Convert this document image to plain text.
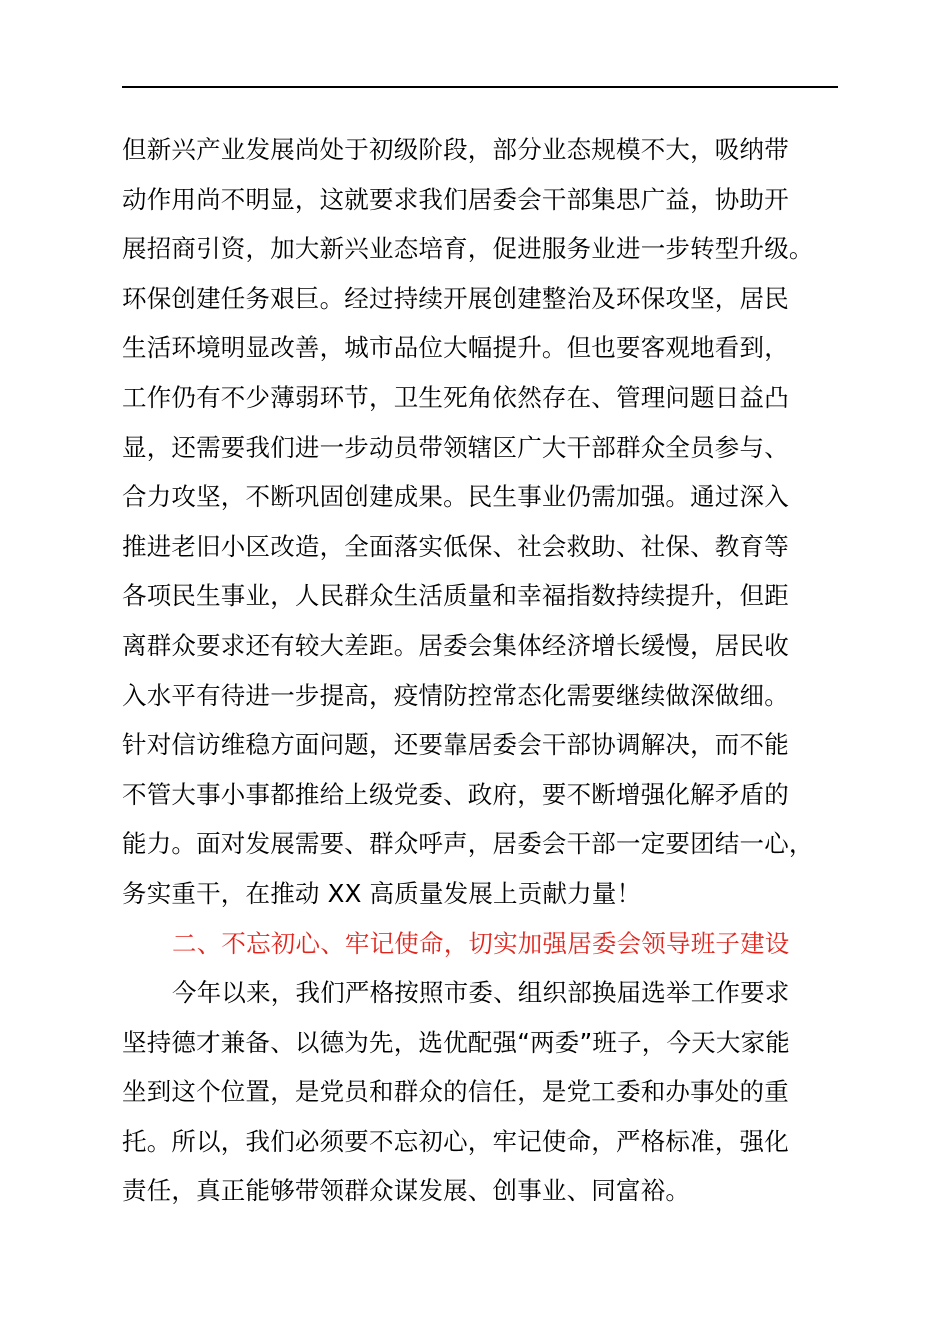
但新兴产业发展尚处于初级阶段，部分业态规模不大，吸纳带
动作用尚不明显，这就要求我们居委会干部集思广益，协助开
展招商引资，加大新兴业态培育，促进服务业进一步转型升级。
环保创建任务艰巨。经过持续开展创建整治及环保攻坚，居民
生活环境明显改善，城市品位大幅提升。但也要客观地看到，
工作仍有不少薄弱环节，卫生死角依然存在、管理问题日益凸
显，还需要我们进一步动员带领辖区广大干部群众全员参与、
合力攻坚，不断巩固创建成果。民生事业仍需加强。通过深入
推进老旧小区改造，全面落实低保、社会救助、社保、教育等
各项民生事业，人民群众生活质量和幸福指数持续提升，但距
离群众要求还有较大差距。居委会集体经济增长缓慢，居民收
入水平有待进一步提高，疫情防控常态化需要继续做深做细。
针对信访维稳方面问题，还要靠居委会干部协调解决，而不能
不管大事小事都推给上级党委、政府，要不断增强化解矛盾的
能力。面对发展需要、群众呼声，居委会干部一定要团结一心，
务实重干，在推动 XX 高质量发展上贡献力量！
二、不忘初心、牢记使命，切实加强居委会领导班子建设
今年以来，我们严格按照市委、组织部换届选举工作要求
坚持德才兼备、以德为先，选优配强“两委”班子，今天大家能
坐到这个位置，是党员和群众的信任，是党工委和办事处的重
托。所以，我们必须要不忘初心，牢记使命，严格标准，强化
责任，真正能够带领群众谋发展、创事业、同富裕。
